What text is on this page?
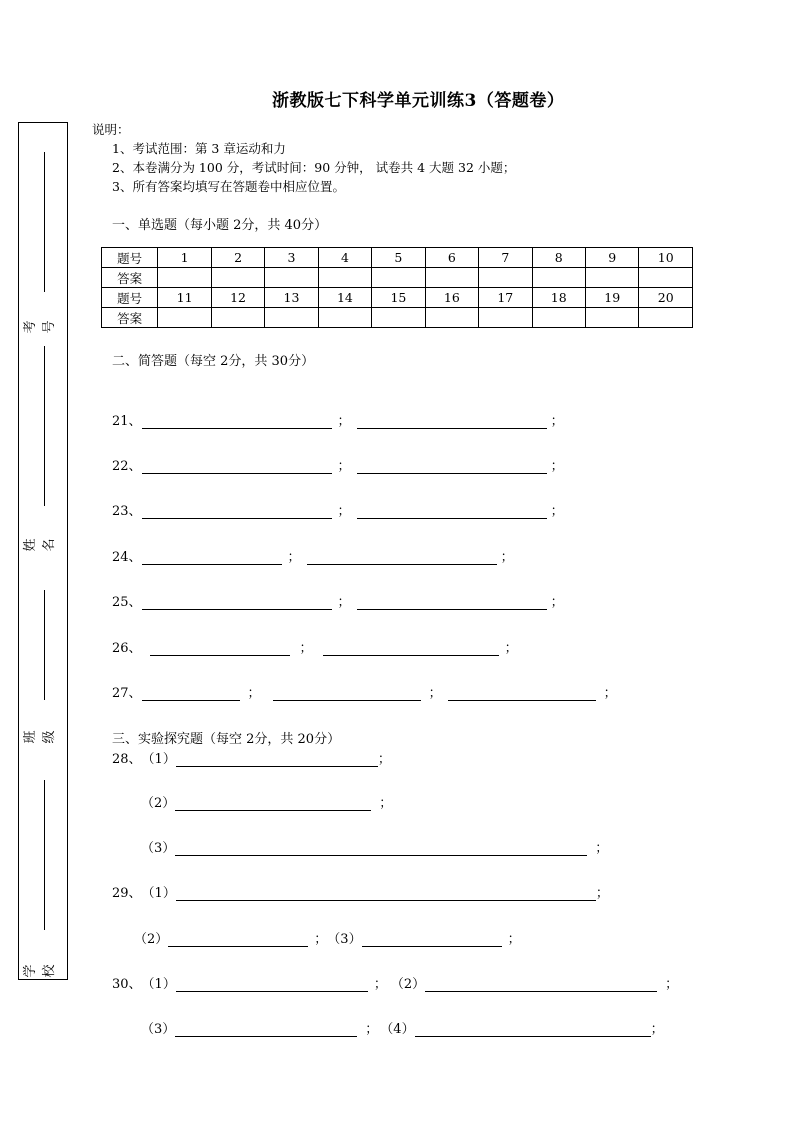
浙教版七下科学单元训练3（答题卷）
考号
姓名
班级
学校
说明：
1、考试范围：第 3 章运动和力
2、本卷满分为 100 分，考试时间：90 分钟， 试卷共 4 大题 32 小题；
3、所有答案均填写在答题卷中相应位置。
一、单选题（每小题 2分，共 40分）
题号	1	2	3	4	5	6	7	8	9	10
答案										
题号	11	12	13	14	15	16	17	18	19	20
答案										
二、简答题（每空 2分，共 30分）
21、	；	；
22、	；	；
23、	；	；
24、	；	；
25、	；	；
26、	；	；
27、	；	；	；
三、实验探究题（每空 2分，共 20分）
28、 （1）	；
（2）	；
（3）	；
29、 （1）	；
（2）	； （3）	；
30、 （1）	； （2）	；
（3）	； （4）	；
